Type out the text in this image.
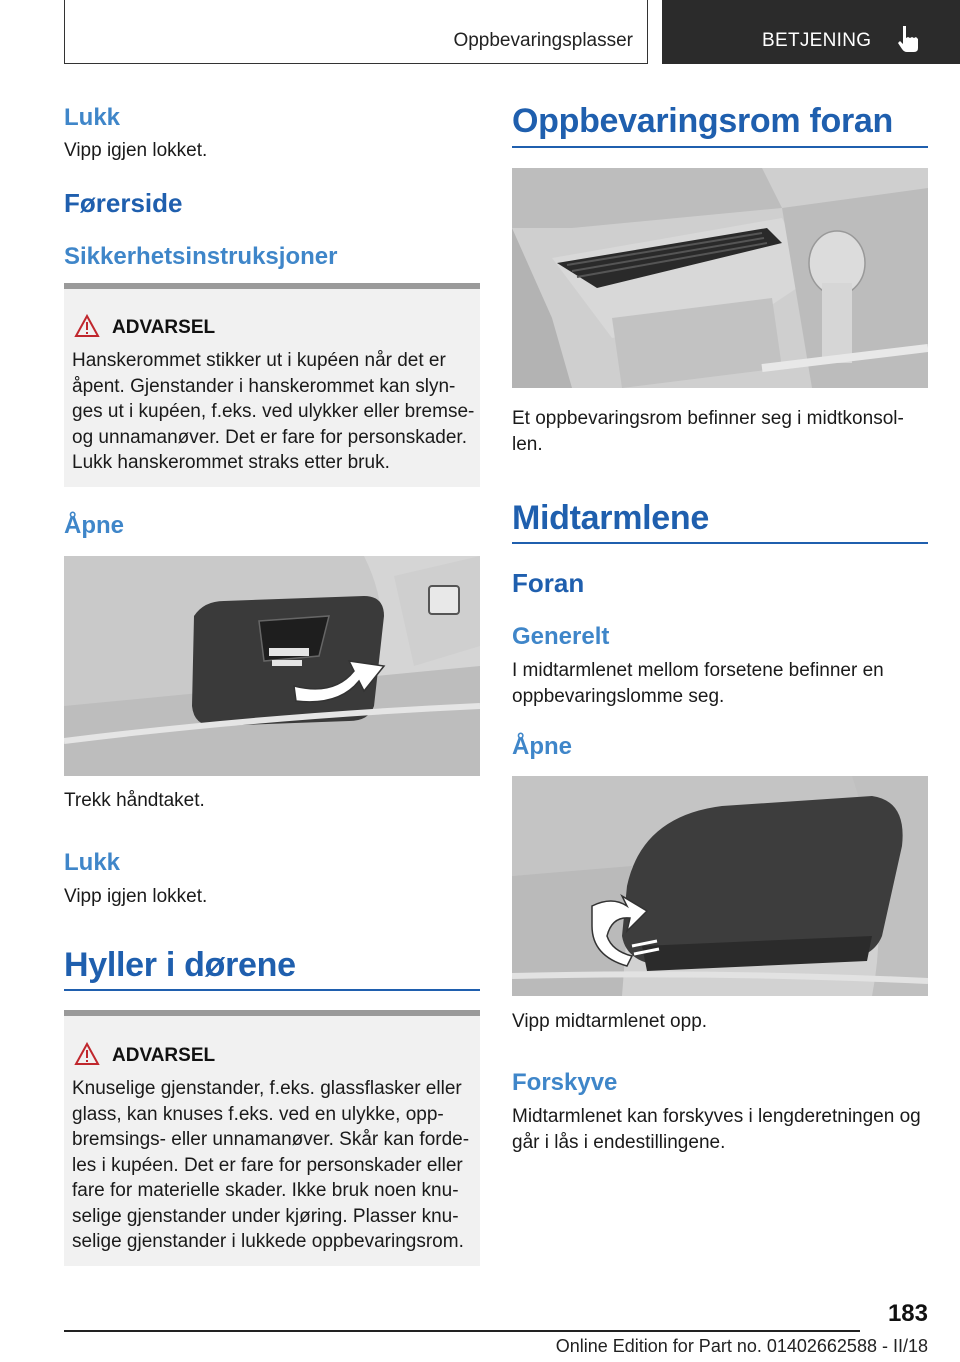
Oppbevaringsplasser	BETJENING
Lukk
Vipp igjen lokket.
Førerside
Sikkerhetsinstruksjoner
ADVARSEL
Hanskerommet stikker ut i kupéen når det er
åpent. Gjenstander i hanskerommet kan slyn-
ges ut i kupéen, f.eks. ved ulykker eller bremse-
og unnamanøver. Det er fare for personskader.
Lukk hanskerommet straks etter bruk.
Åpne
Trekk håndtaket.
Lukk
Vipp igjen lokket.
Hyller i dørene
ADVARSEL
Knuselige gjenstander, f.eks. glassflasker eller
glass, kan knuses f.eks. ved en ulykke, opp-
bremsings- eller unnamanøver. Skår kan forde-
les i kupéen. Det er fare for personskader eller
fare for materielle skader. Ikke bruk noen knu-
selige gjenstander under kjøring. Plasser knu-
selige gjenstander i lukkede oppbevaringsrom.
Oppbevaringsrom foran
Et oppbevaringsrom befinner seg i midtkonsol-
len.
Midtarmlene
Foran
Generelt
I midtarmlenet mellom forsetene befinner en
oppbevaringslomme seg.
Åpne
Vipp midtarmlenet opp.
Forskyve
Midtarmlenet kan forskyves i lengderetningen og
går i lås i endestillingene.
183
Online Edition for Part no. 01402662588 - II/18
